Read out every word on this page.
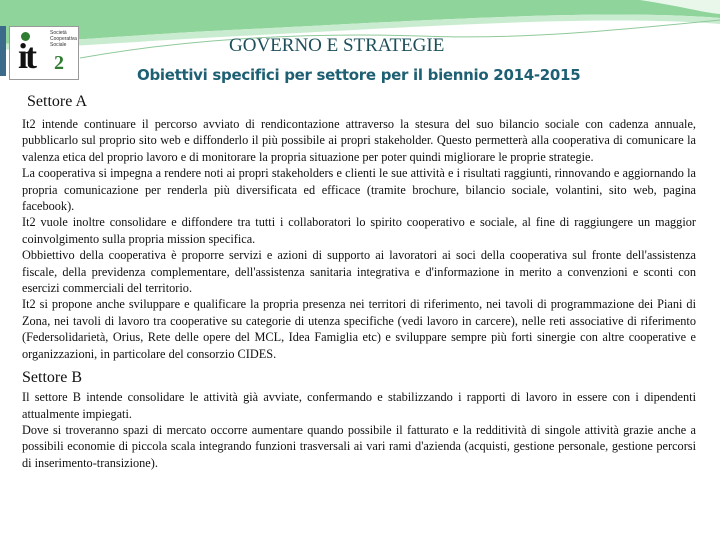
it 2
Società Cooperativa Sociale	GOVERNO E STRATEGIE
Obiettivi specifici per settore per il biennio 2014-2015
Settore A

It2 intende continuare il percorso avviato di rendicontazione attraverso la stesura del suo bilancio sociale con cadenza annuale, pubblicarlo sul proprio sito web e diffonderlo il più possibile ai propri stakeholder. Questo permetterà alla cooperativa di comunicare la valenza etica del proprio lavoro e di monitorare la propria situazione per poter quindi migliorare le proprie strategie.

La cooperativa si impegna a rendere noti ai propri stakeholders e clienti le sue attività e i risultati raggiunti, rinnovando e aggiornando la propria comunicazione per renderla più diversificata ed efficace (tramite brochure, bilancio sociale, volantini, sito web, pagina facebook).

It2 vuole inoltre consolidare e diffondere tra tutti i collaboratori lo spirito cooperativo e sociale, al fine di raggiungere un maggior coinvolgimento sulla propria mission specifica.

Obbiettivo della cooperativa è proporre servizi e azioni di supporto ai lavoratori ai soci della cooperativa sul fronte dell'assistenza fiscale, della previdenza complementare, dell'assistenza sanitaria integrativa e d'informazione in merito a convenzioni e sconti con esercizi commerciali del territorio.

It2 si propone anche sviluppare e qualificare la propria presenza nei territori di riferimento, nei tavoli di programmazione dei Piani di Zona, nei tavoli di lavoro tra cooperative su categorie di utenza specifiche (vedi lavoro in carcere), nelle reti associative di riferimento (Federsolidarietà, Orius, Rete delle opere del MCL, Idea Famiglia etc) e sviluppare sempre più forti sinergie con altre cooperative e organizzazioni, in particolare del consorzio CIDES.

Settore B

Il settore B intende consolidare le attività già avviate, confermando e stabilizzando i rapporti di lavoro in essere con i dipendenti attualmente impiegati.

Dove si troveranno spazi di mercato occorre aumentare quando possibile il fatturato e la redditività di singole attività grazie anche a possibili economie di piccola scala integrando funzioni trasversali ai vari rami d'azienda (acquisti, gestione personale, gestione percorsi di inserimento-transizione).
